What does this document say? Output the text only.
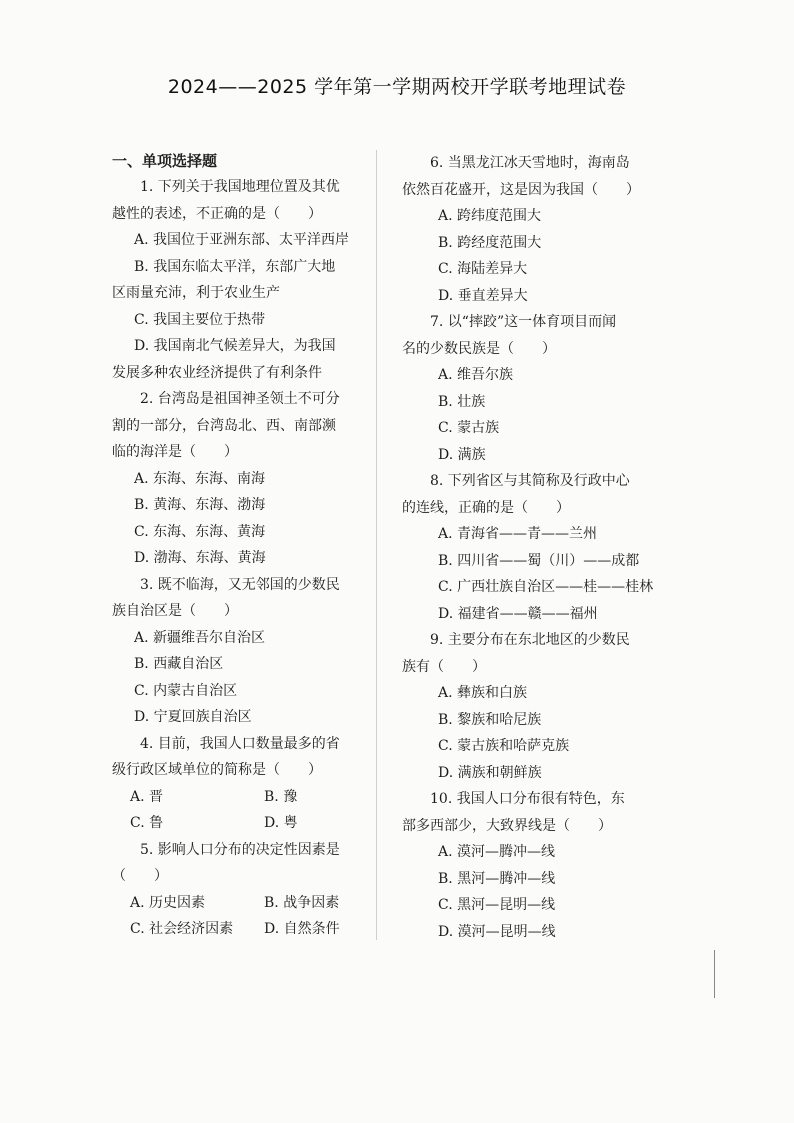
2024——2025 学年第一学期两校开学联考地理试卷
一、单项选择题

1. 下列关于我国地理位置及其优

越性的表述，不正确的是（　　）

A. 我国位于亚洲东部、太平洋西岸

B. 我国东临太平洋，东部广大地

区雨量充沛，利于农业生产

C. 我国主要位于热带

D. 我国南北气候差异大，为我国

发展多种农业经济提供了有利条件

2. 台湾岛是祖国神圣领土不可分

割的一部分，台湾岛北、西、南部濒

临的海洋是（　　）

A. 东海、东海、南海

B. 黄海、东海、渤海

C. 东海、东海、黄海

D. 渤海、东海、黄海

3. 既不临海，又无邻国的少数民

族自治区是（　　）

A. 新疆维吾尔自治区

B. 西藏自治区

C. 内蒙古自治区

D. 宁夏回族自治区

4. 目前，我国人口数量最多的省

级行政区域单位的简称是（　　）

A. 晋	B. 豫
C. 鲁	D. 粤

5. 影响人口分布的决定性因素是

（　　）

A. 历史因素	B. 战争因素
C. 社会经济因素	D. 自然条件

6. 当黑龙江冰天雪地时，海南岛

依然百花盛开，这是因为我国（　　）

A. 跨纬度范围大

B. 跨经度范围大

C. 海陆差异大

D. 垂直差异大

7. 以“摔跤”这一体育项目而闻

名的少数民族是（　　）

A. 维吾尔族

B. 壮族

C. 蒙古族

D. 满族

8. 下列省区与其简称及行政中心

的连线，正确的是（　　）

A. 青海省——青——兰州

B. 四川省——蜀（川）——成都

C. 广西壮族自治区——桂——桂林

D. 福建省——赣——福州

9. 主要分布在东北地区的少数民

族有（　　）

A. 彝族和白族

B. 黎族和哈尼族

C. 蒙古族和哈萨克族

D. 满族和朝鲜族

10. 我国人口分布很有特色，东

部多西部少，大致界线是（　　）

A. 漠河—腾冲—线

B. 黑河—腾冲—线

C. 黑河—昆明—线

D. 漠河—昆明—线
